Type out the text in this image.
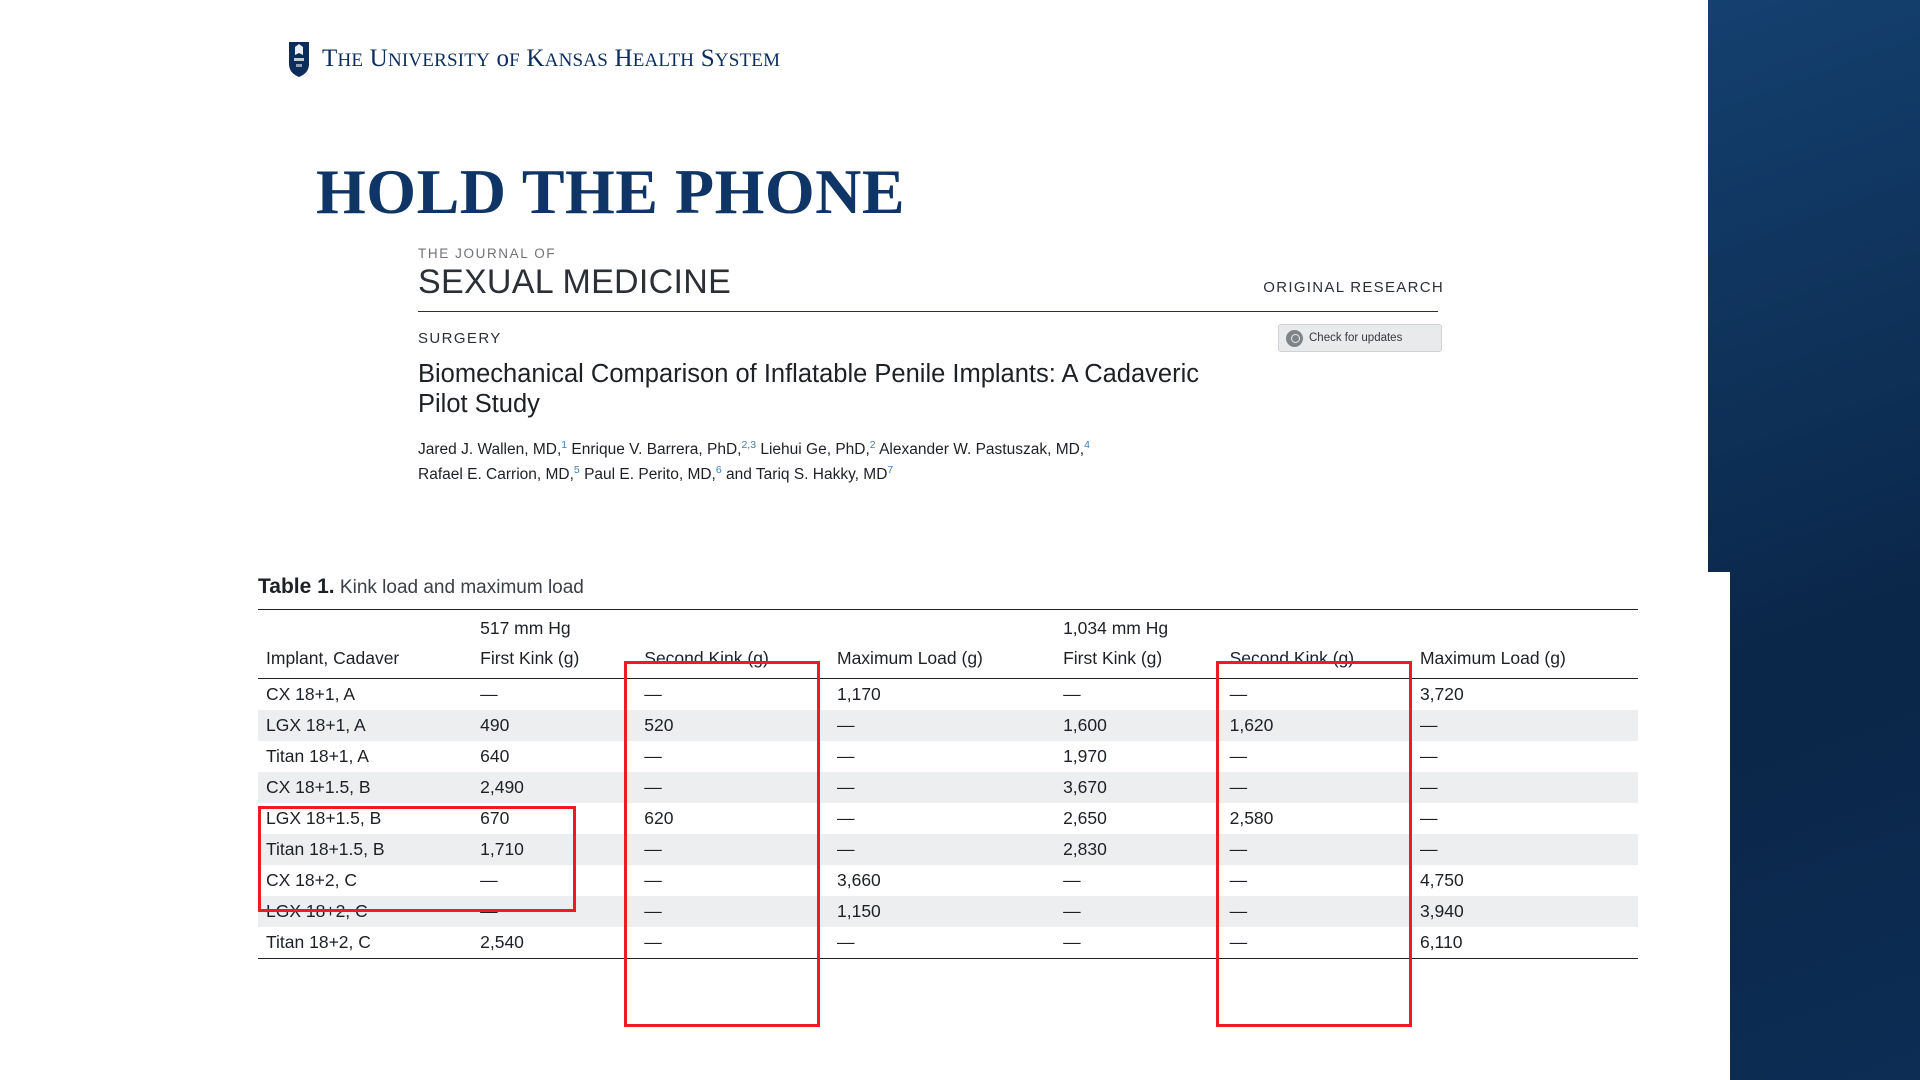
THE UNIVERSITY oF KANSAS HEALTH SYSTEM
HOLD THE PHONE
THE JOURNAL OF
SEXUAL MEDICINE	ORIGINAL RESEARCH
SURGERY
Biomechanical Comparison of Inflatable Penile Implants: A Cadaveric Pilot Study
Jared J. Wallen, MD,$^1$ Enrique V. Barrera, PhD,$^{2,3}$ Liehui Ge, PhD,$^2$ Alexander W. Pastuszak, MD,$^4$
Rafael E. Carrion, MD,$^5$ Paul E. Perito, MD,$^6$ and Tariq S. Hakky, $MD^7$
Check for updates
Table 1. Kink load and maximum load
	517 mm Hg			1,034 mm Hg		
Implant, Cadaver	First Kink (g)	Second Kink (g)	Maximum Load (g)	First Kink (g)	Second Kink (g)	Maximum Load (g)
CX 18+1, A	—	—	1,170	—	—	3,720
LGX 18+1, A	490	520	—	1,600	1,620	—
Titan 18+1, A	640	—	—	1,970	—	—
CX 18+1.5, B	2,490	—	—	3,670	—	—
LGX 18+1.5, B	670	620	—	2,650	2,580	—
Titan 18+1.5, B	1,710	—	—	2,830	—	—
CX 18+2, C	—	—	3,660	—	—	4,750
LGX 18+2, C	—	—	1,150	—	—	3,940
Titan 18+2, C	2,540	—	—	—	—	6,110
